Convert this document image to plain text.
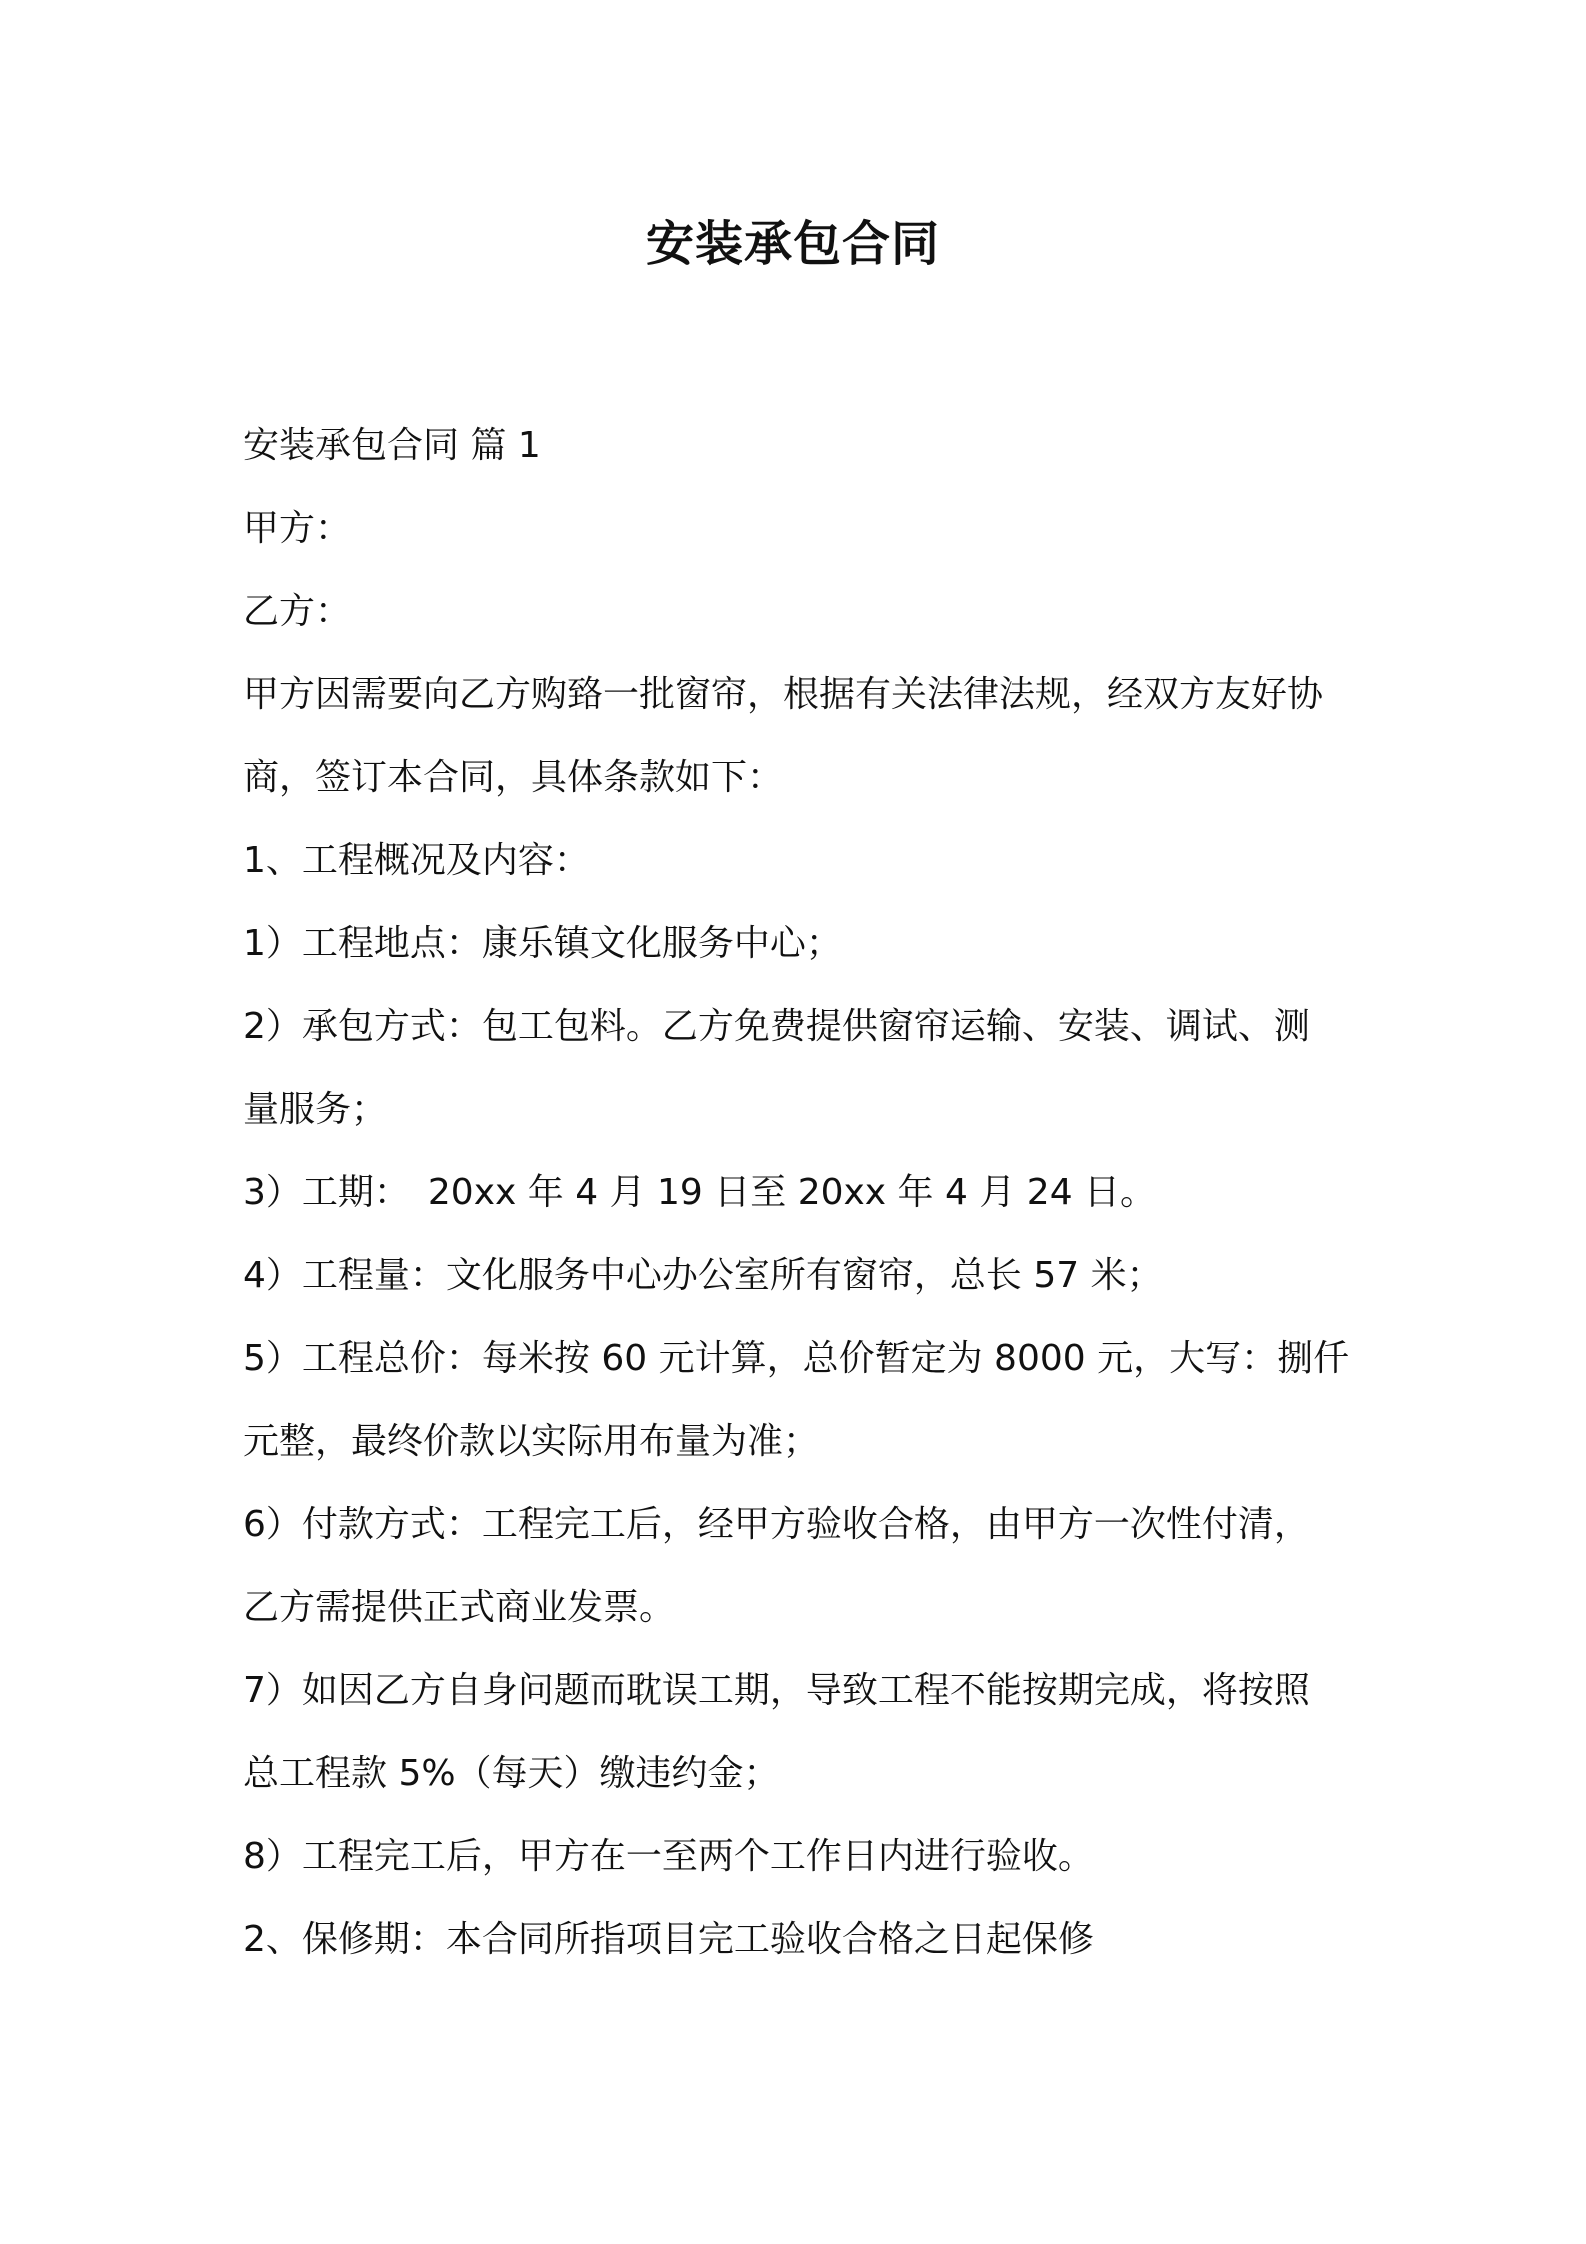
安装承包合同
安装承包合同 篇 1
甲方：
乙方：
甲方因需要向乙方购臵一批窗帘，根据有关法律法规，经双方友好协
商，签订本合同，具体条款如下：
1、工程概况及内容：
1）工程地点：康乐镇文化服务中心；
2）承包方式：包工包料。乙方免费提供窗帘运输、安装、调试、测
量服务；
3）工期：　20xx 年 4 月 19 日至 20xx 年 4 月 24 日。
4）工程量：文化服务中心办公室所有窗帘，总长 57 米；
5）工程总价：每米按 60 元计算，总价暂定为 8000 元，大写：捌仟
元整，最终价款以实际用布量为准；
6）付款方式：工程完工后，经甲方验收合格，由甲方一次性付清，
乙方需提供正式商业发票。
7）如因乙方自身问题而耽误工期，导致工程不能按期完成，将按照
总工程款 5%（每天）缴违约金；
8）工程完工后，甲方在一至两个工作日内进行验收。
2、保修期：本合同所指项目完工验收合格之日起保修
